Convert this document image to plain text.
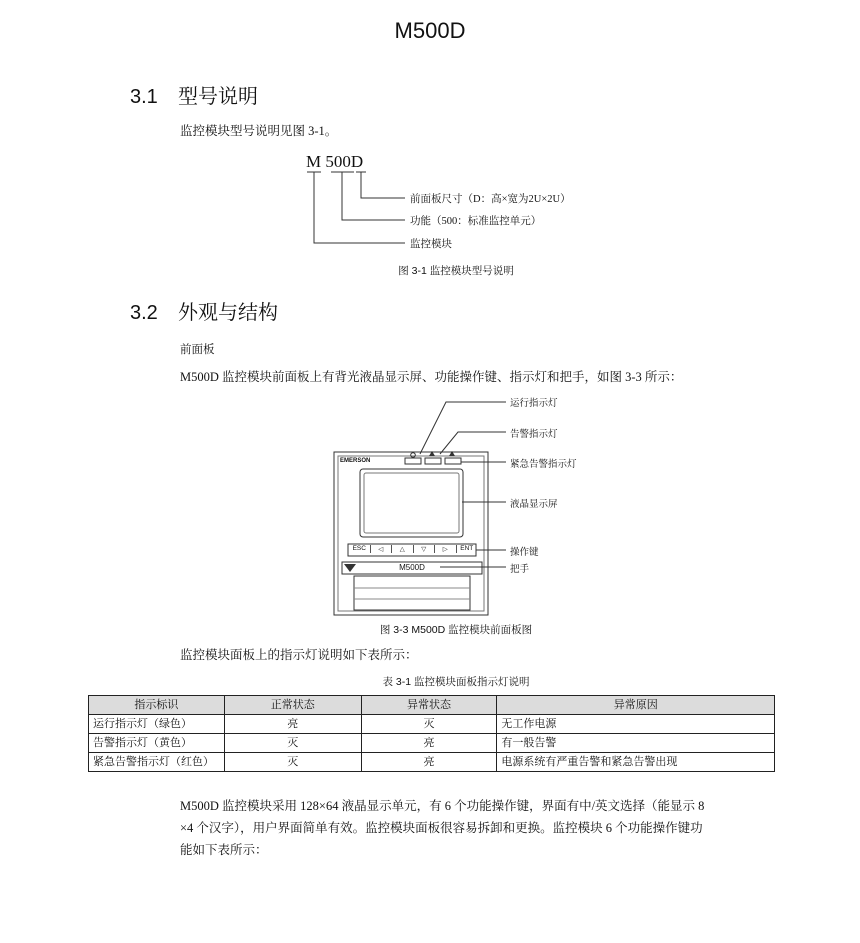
M500D
3.1 型号说明
监控模块型号说明见图 3-1。
M 500D
前面板尺寸（D：高×宽为2U×2U）
功能（500：标准监控单元）
监控模块
图 3-1 监控模块型号说明
3.2 外观与结构
前面板
M500D 监控模块前面板上有背光液晶显示屏、功能操作键、指示灯和把手，如图 3-3 所示：
EMERSON
ESC	◁	△	▽	▷	ENT
M500D
运行指示灯
告警指示灯
紧急告警指示灯
液晶显示屏
操作键
把手
图 3-3 M500D 监控模块前面板图
监控模块面板上的指示灯说明如下表所示：
表 3-1 监控模块面板指示灯说明
指示标识	正常状态	异常状态	异常原因
运行指示灯（绿色）	亮	灭	无工作电源
告警指示灯（黄色）	灭	亮	有一般告警
紧急告警指示灯（红色）	灭	亮	电源系统有严重告警和紧急告警出现
M500D 监控模块采用 128×64 液晶显示单元，有 6 个功能操作键，界面有中/英文选择（能显示 8
×4 个汉字），用户界面简单有效。监控模块面板很容易拆卸和更换。监控模块 6 个功能操作键功
能如下表所示：
